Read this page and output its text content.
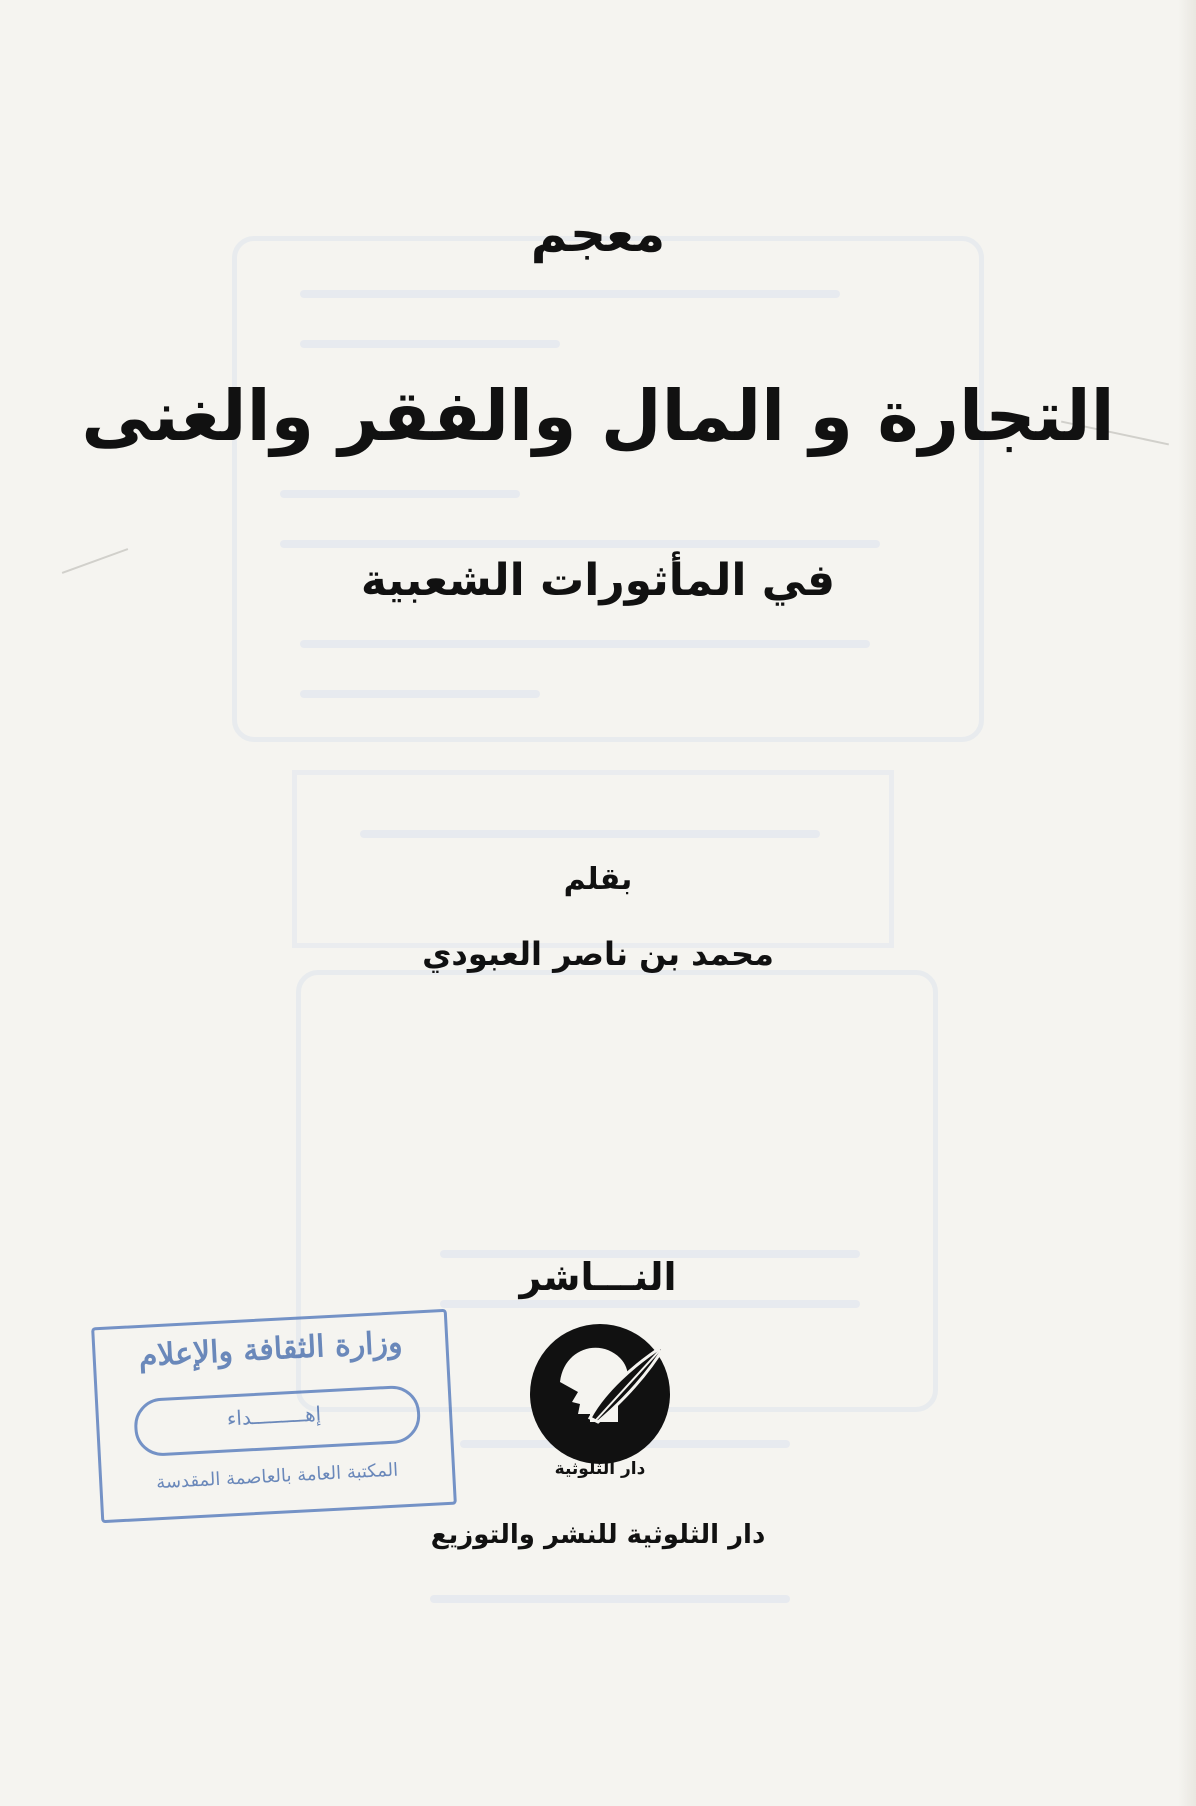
معجم
التجارة و المال والفقر والغنى
في المأثورات الشعبية
بقلم
محمد بن ناصر العبودي
النـــاشر
دار الثلوثية
دار الثلوثية للنشر والتوزيع
وزارة الثقافة والإعلام
إهـــــــــداء
المكتبة العامة بالعاصمة المقدسة
